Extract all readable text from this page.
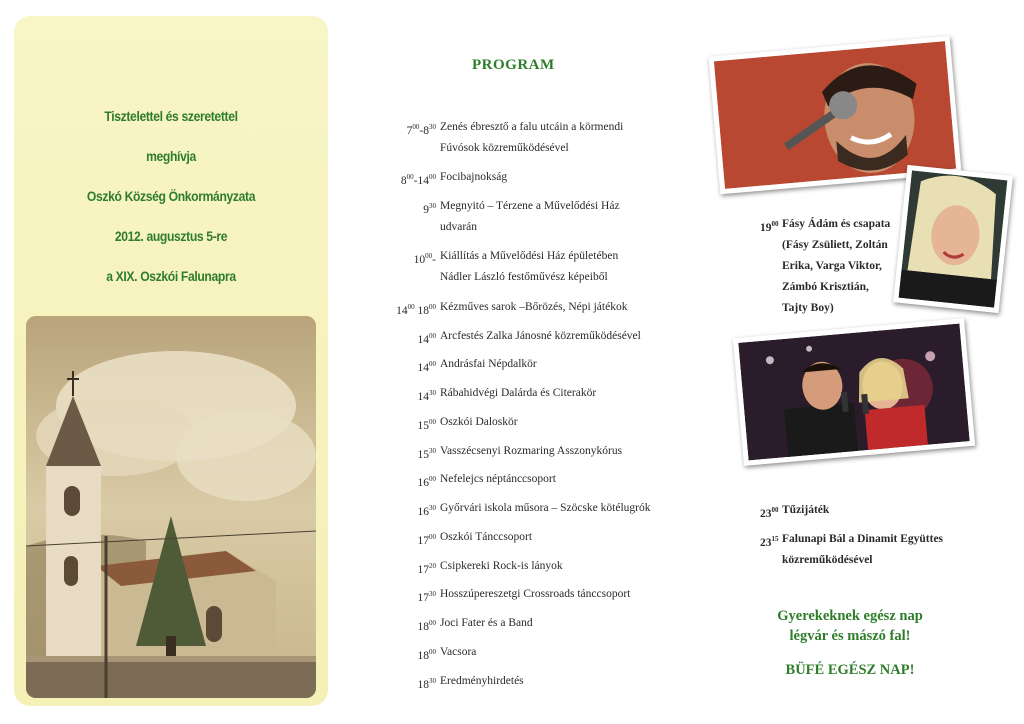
Tisztelettel és szeretettel
meghívja
Oszkó Község Önkormányzata
2012. augusztus 5-re
a XIX. Oszkói Falunapra
PROGRAM
$7^{00}-8^{30}$ Zenés ébresztő a falu utcáin a körmendi
Fúvósok közreműködésével
$8^{00}-14^{00}$ Focibajnokság
$9^{30}$ Megnyitó – Térzene a Művelődési Ház
udvarán
$10^{00}-$ Kiállítás a Művelődési Ház épületében
Nádler László festőművész képeiből
$14^{00}$ $18^{00}$ Kézműves sarok –Bőrözés, Népi játékok
$14^{00}$ Arcfestés Zalka Jánosné közreműködésével
$14^{00}$ Andrásfai Népdalkör
$14^{30}$ Rábahidvégi Dalárda és Citerakör
$15^{00}$ Oszkói Daloskör
$15^{30}$ Vasszécsenyi Rozmaring Asszonykórus
$16^{00}$ Nefelejcs néptánccsoport
$16^{30}$ Győrvári iskola műsora – Szöcske kötélugrók
$17^{00}$ Oszkói Tánccsoport
$17^{20}$ Csipkereki Rock-is lányok
$17^{30}$ Hosszúpereszetgi Crossroads tánccsoport
$18^{00}$ Joci Fater és a Band
$18^{00}$ Vacsora
$18^{30}$ Eredményhirdetés
$19^{00}$ Fásy Ádám és csapata
(Fásy Zsüliett, Zoltán
Erika, Varga Viktor,
Zámbó Krisztián,
Tajty Boy)
$23^{00}$ Tűzijáték
$23^{15}$ Falunapi Bál a Dinamit Együttes
közreműködésével
Gyerekeknek egész nap
légvár és mászó fal!
BÜFÉ EGÉSZ NAP!
